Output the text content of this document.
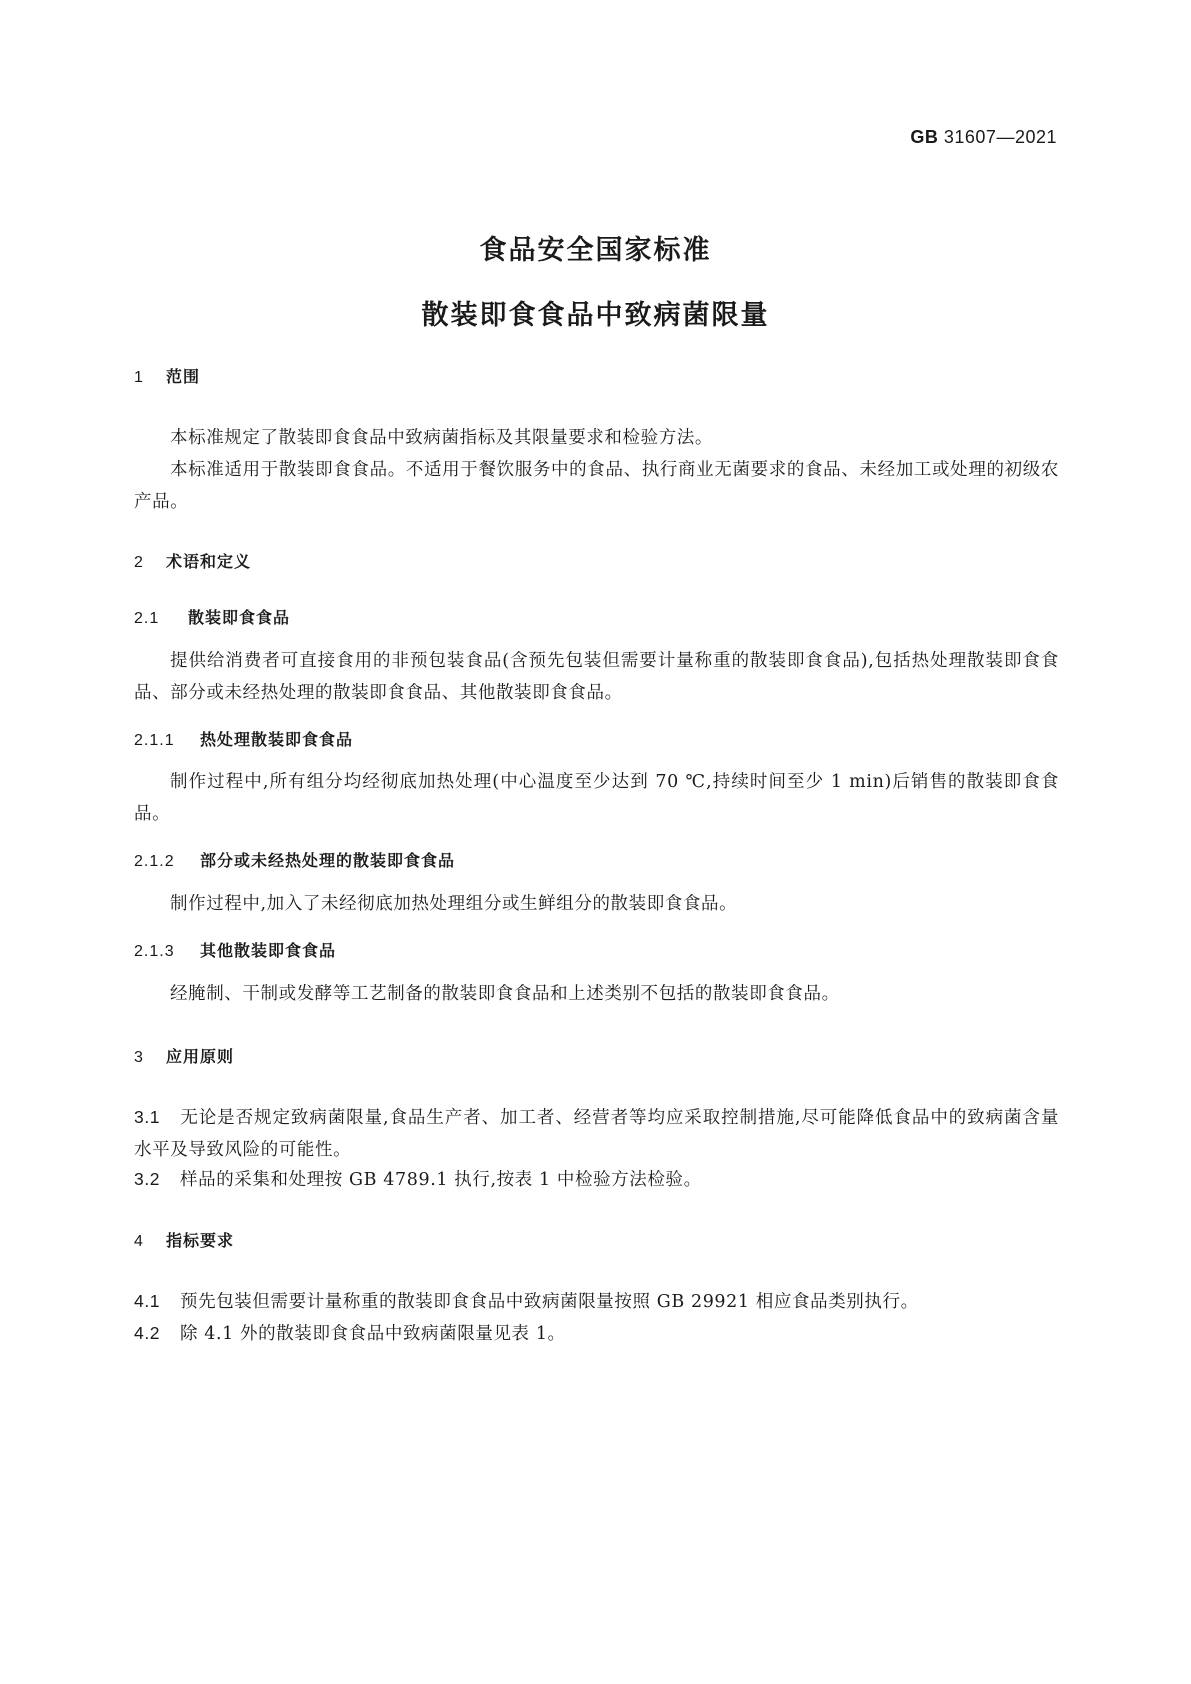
GB 31607—2021
食品安全国家标准
散装即食食品中致病菌限量
1 范围
本标准规定了散装即食食品中致病菌指标及其限量要求和检验方法。
本标准适用于散装即食食品。不适用于餐饮服务中的食品、执行商业无菌要求的食品、未经加工或处理的初级农产品。
2 术语和定义
2.1 散装即食食品
提供给消费者可直接食用的非预包装食品(含预先包装但需要计量称重的散装即食食品),包括热处理散装即食食品、部分或未经热处理的散装即食食品、其他散装即食食品。
2.1.1 热处理散装即食食品
制作过程中,所有组分均经彻底加热处理(中心温度至少达到 70 ℃,持续时间至少 1 min)后销售的散装即食食品。
2.1.2 部分或未经热处理的散装即食食品
制作过程中,加入了未经彻底加热处理组分或生鲜组分的散装即食食品。
2.1.3 其他散装即食食品
经腌制、干制或发酵等工艺制备的散装即食食品和上述类别不包括的散装即食食品。
3 应用原则
3.1 无论是否规定致病菌限量,食品生产者、加工者、经营者等均应采取控制措施,尽可能降低食品中的致病菌含量水平及导致风险的可能性。
3.2 样品的采集和处理按 GB 4789.1 执行,按表 1 中检验方法检验。
4 指标要求
4.1 预先包装但需要计量称重的散装即食食品中致病菌限量按照 GB 29921 相应食品类别执行。
4.2 除 4.1 外的散装即食食品中致病菌限量见表 1。
